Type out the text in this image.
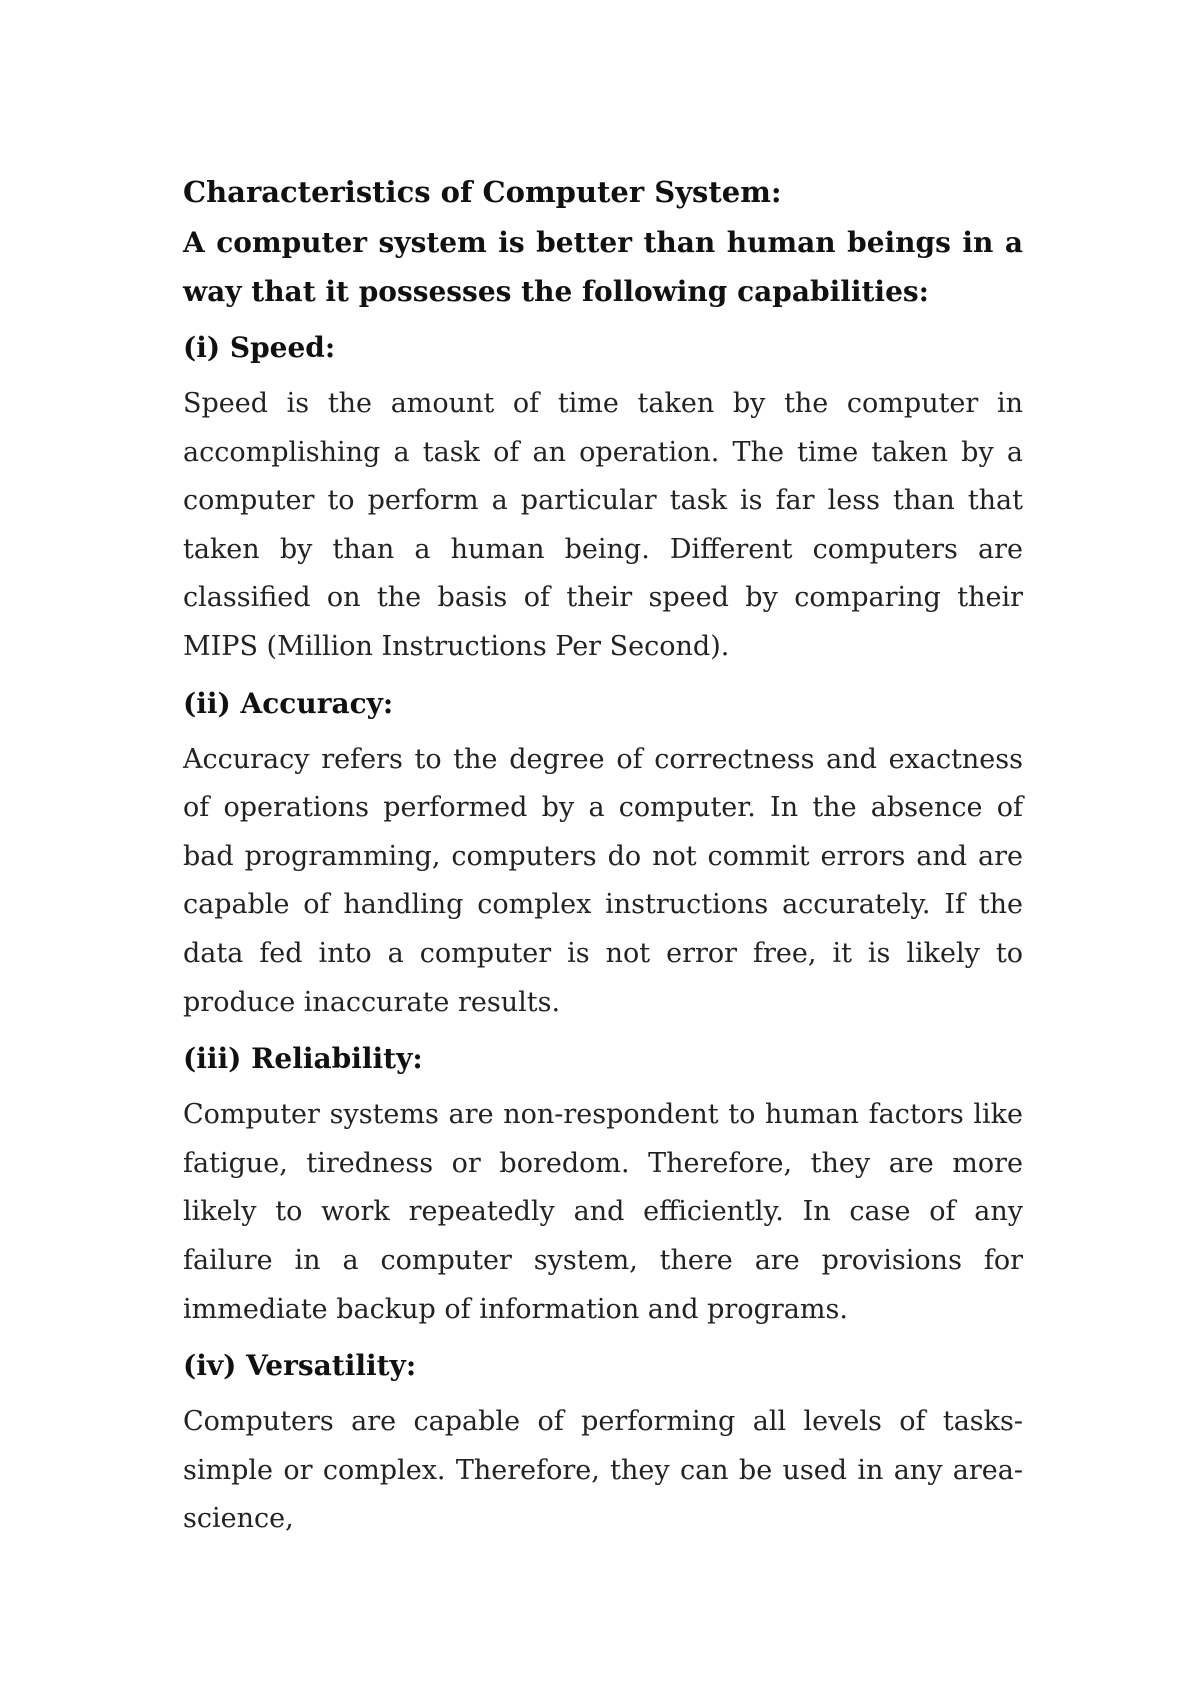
Characteristics of Computer System:

A computer system is better than human beings in a way that it possesses the following capabilities:

(i) Speed:

Speed is the amount of time taken by the computer in accomplishing a task of an operation. The time taken by a computer to perform a particular task is far less than that taken by than a human being. Different computers are classified on the basis of their speed by comparing their MIPS (Million Instructions Per Second).

(ii) Accuracy:

Accuracy refers to the degree of correctness and exactness of operations performed by a computer. In the absence of bad programming, computers do not commit errors and are capable of handling complex instructions accurately. If the data fed into a computer is not error free, it is likely to produce inaccurate results.

(iii) Reliability:

Computer systems are non-respondent to human factors like fatigue, tiredness or boredom. Therefore, they are more likely to work repeatedly and efficiently. In case of any failure in a computer system, there are provisions for immediate backup of information and programs.

(iv) Versatility:

Computers are capable of performing all levels of tasks- simple or complex. Therefore, they can be used in any area-science,
